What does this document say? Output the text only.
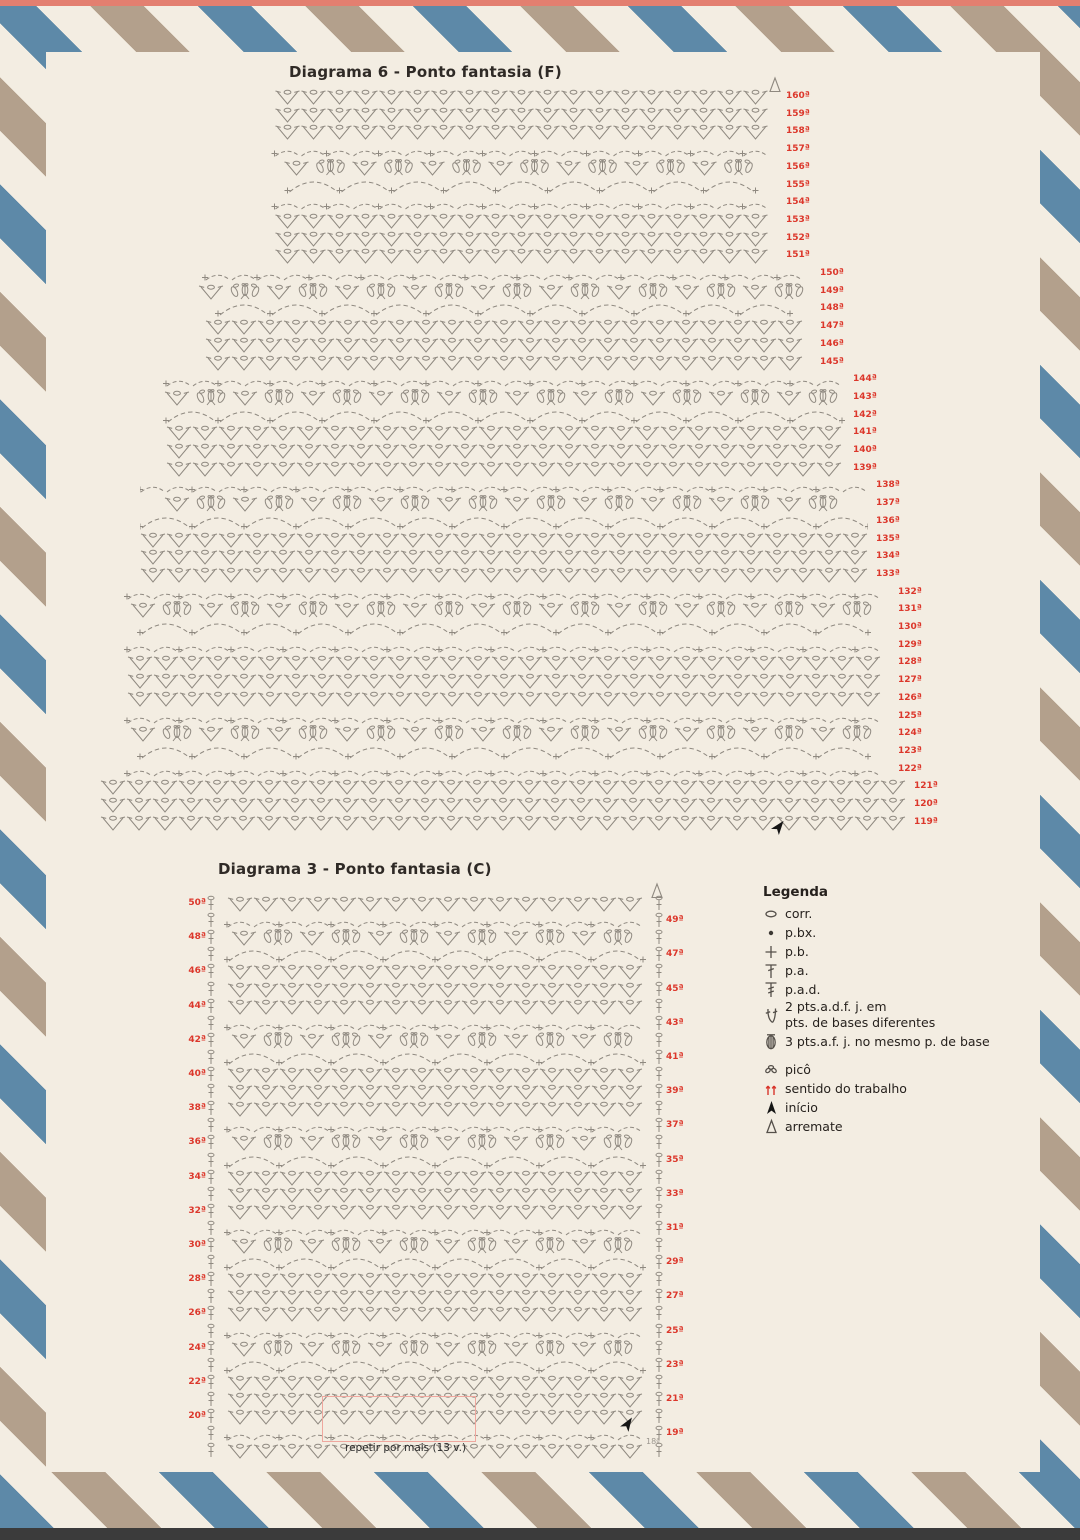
Diagrama 6 - Ponto fantasia (F)
Diagrama 3 - Ponto fantasia (C)
160ª
159ª
158ª
157ª
156ª
155ª
154ª
153ª
152ª
151ª
150ª
149ª
148ª
147ª
146ª
145ª
144ª
143ª
142ª
141ª
140ª
139ª
138ª
137ª
136ª
135ª
134ª
133ª
132ª
131ª
130ª
129ª
128ª
127ª
126ª
125ª
124ª
123ª
122ª
121ª
120ª
119ª
50ª
49ª
48ª
47ª
46ª
45ª
44ª
43ª
42ª
41ª
40ª
39ª
38ª
37ª
36ª
35ª
34ª
33ª
32ª
31ª
30ª
29ª
28ª
27ª
26ª
25ª
24ª
23ª
22ª
21ª
20ª
19ª
18ª
Legenda
corr.
p.bx.
p.b.
p.a.
p.a.d.
2 pts.a.d.f. j. em
pts. de bases diferentes
3 pts.a.f. j. no mesmo p. de base
picô
sentido do trabalho
início
arremate
repetir por mais (13 v.)
